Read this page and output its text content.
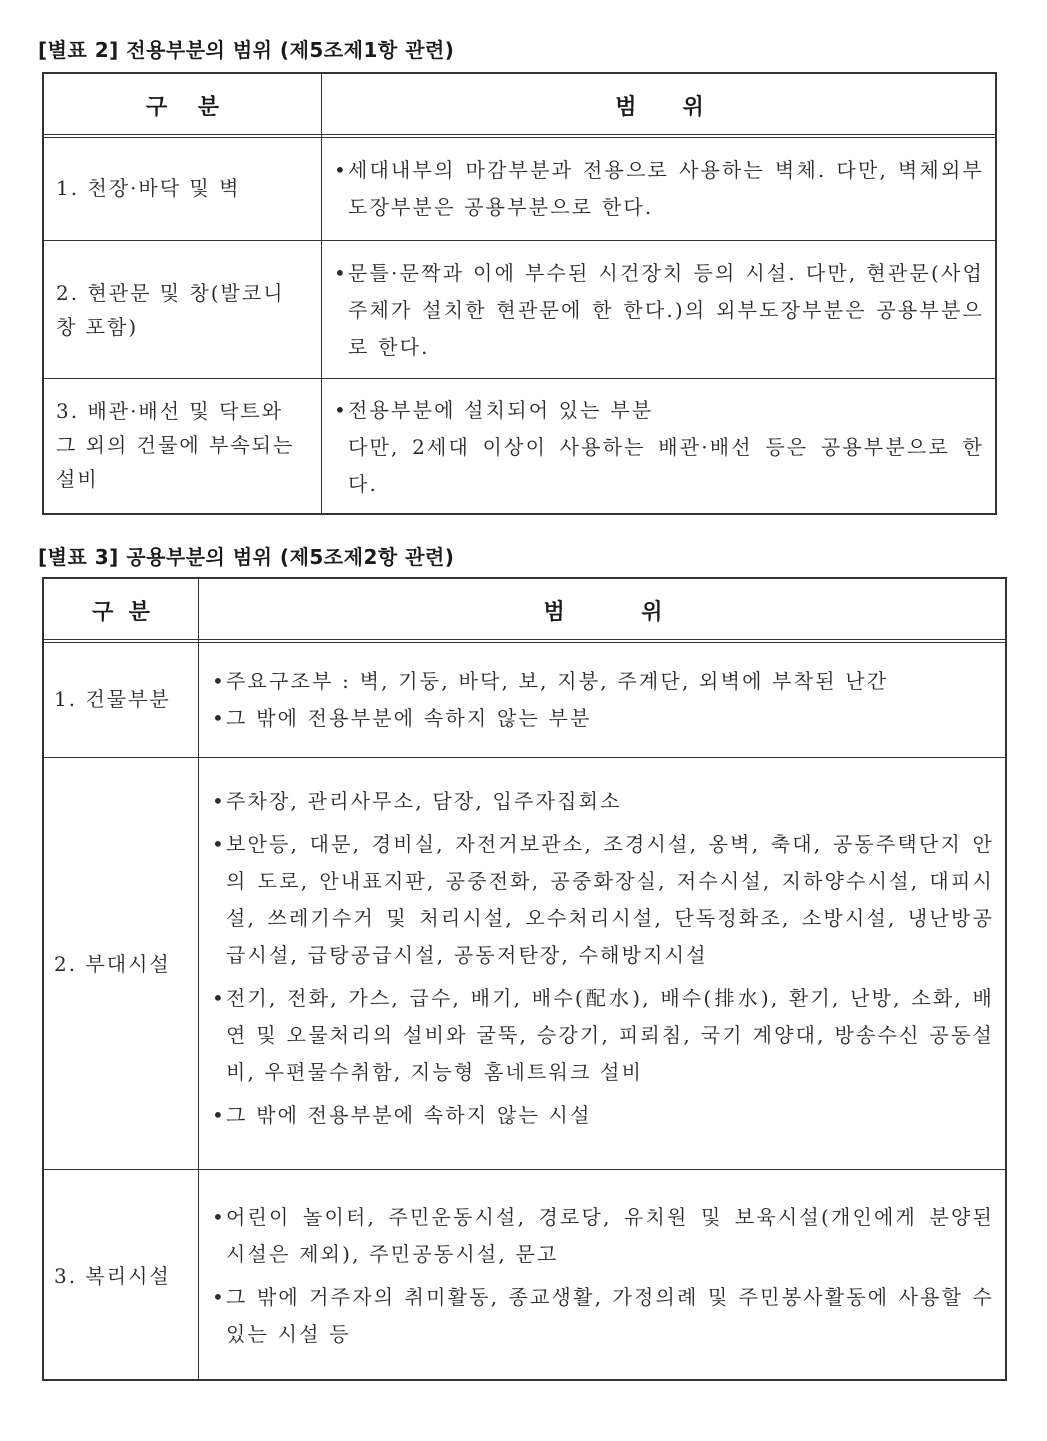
[별표 2] 전용부분의 범위 (제5조제1항 관련)
구    분	범      위
1. 천장·바닥 및 벽
•세대내부의 마감부분과 전용으로 사용하는 벽체. 다만, 벽체외부 도장부분은 공용부분으로 한다.
2. 현관문 및 창(발코니 창 포함)
•문틀·문짝과 이에 부수된 시건장치 등의 시설. 다만, 현관문(사업주체가 설치한 현관문에 한 한다.)의 외부도장부분은 공용부분으로 한다.
3. 배관·배선 및 닥트와 그 외의 건물에 부속되는 설비
•전용부분에 설치되어 있는 부분
다만, 2세대 이상이 사용하는 배관·배선 등은 공용부분으로 한다.
[별표 3] 공용부분의 범위 (제5조제2항 관련)
구  분	범          위
1. 건물부분
•주요구조부 : 벽, 기둥, 바닥, 보, 지붕, 주계단, 외벽에 부착된 난간
•그 밖에 전용부분에 속하지 않는 부분
2. 부대시설
•주차장, 관리사무소, 담장, 입주자집회소
•보안등, 대문, 경비실, 자전거보관소, 조경시설, 옹벽, 축대, 공동주택단지 안의 도로, 안내표지판, 공중전화, 공중화장실, 저수시설, 지하양수시설, 대피시설, 쓰레기수거 및 처리시설, 오수처리시설, 단독정화조, 소방시설, 냉난방공급시설, 급탕공급시설, 공동저탄장, 수해방지시설
•전기, 전화, 가스, 급수, 배기, 배수(配水), 배수(排水), 환기, 난방, 소화, 배연 및 오물처리의 설비와 굴뚝, 승강기, 피뢰침, 국기 계양대, 방송수신 공동설비, 우편물수취함, 지능형 홈네트워크 설비
•그 밖에 전용부분에 속하지 않는 시설
3. 복리시설
•어린이 놀이터, 주민운동시설, 경로당, 유치원 및 보육시설(개인에게 분양된 시설은 제외), 주민공동시설, 문고
•그 밖에 거주자의 취미활동, 종교생활, 가정의례 및 주민봉사활동에 사용할 수 있는 시설 등
